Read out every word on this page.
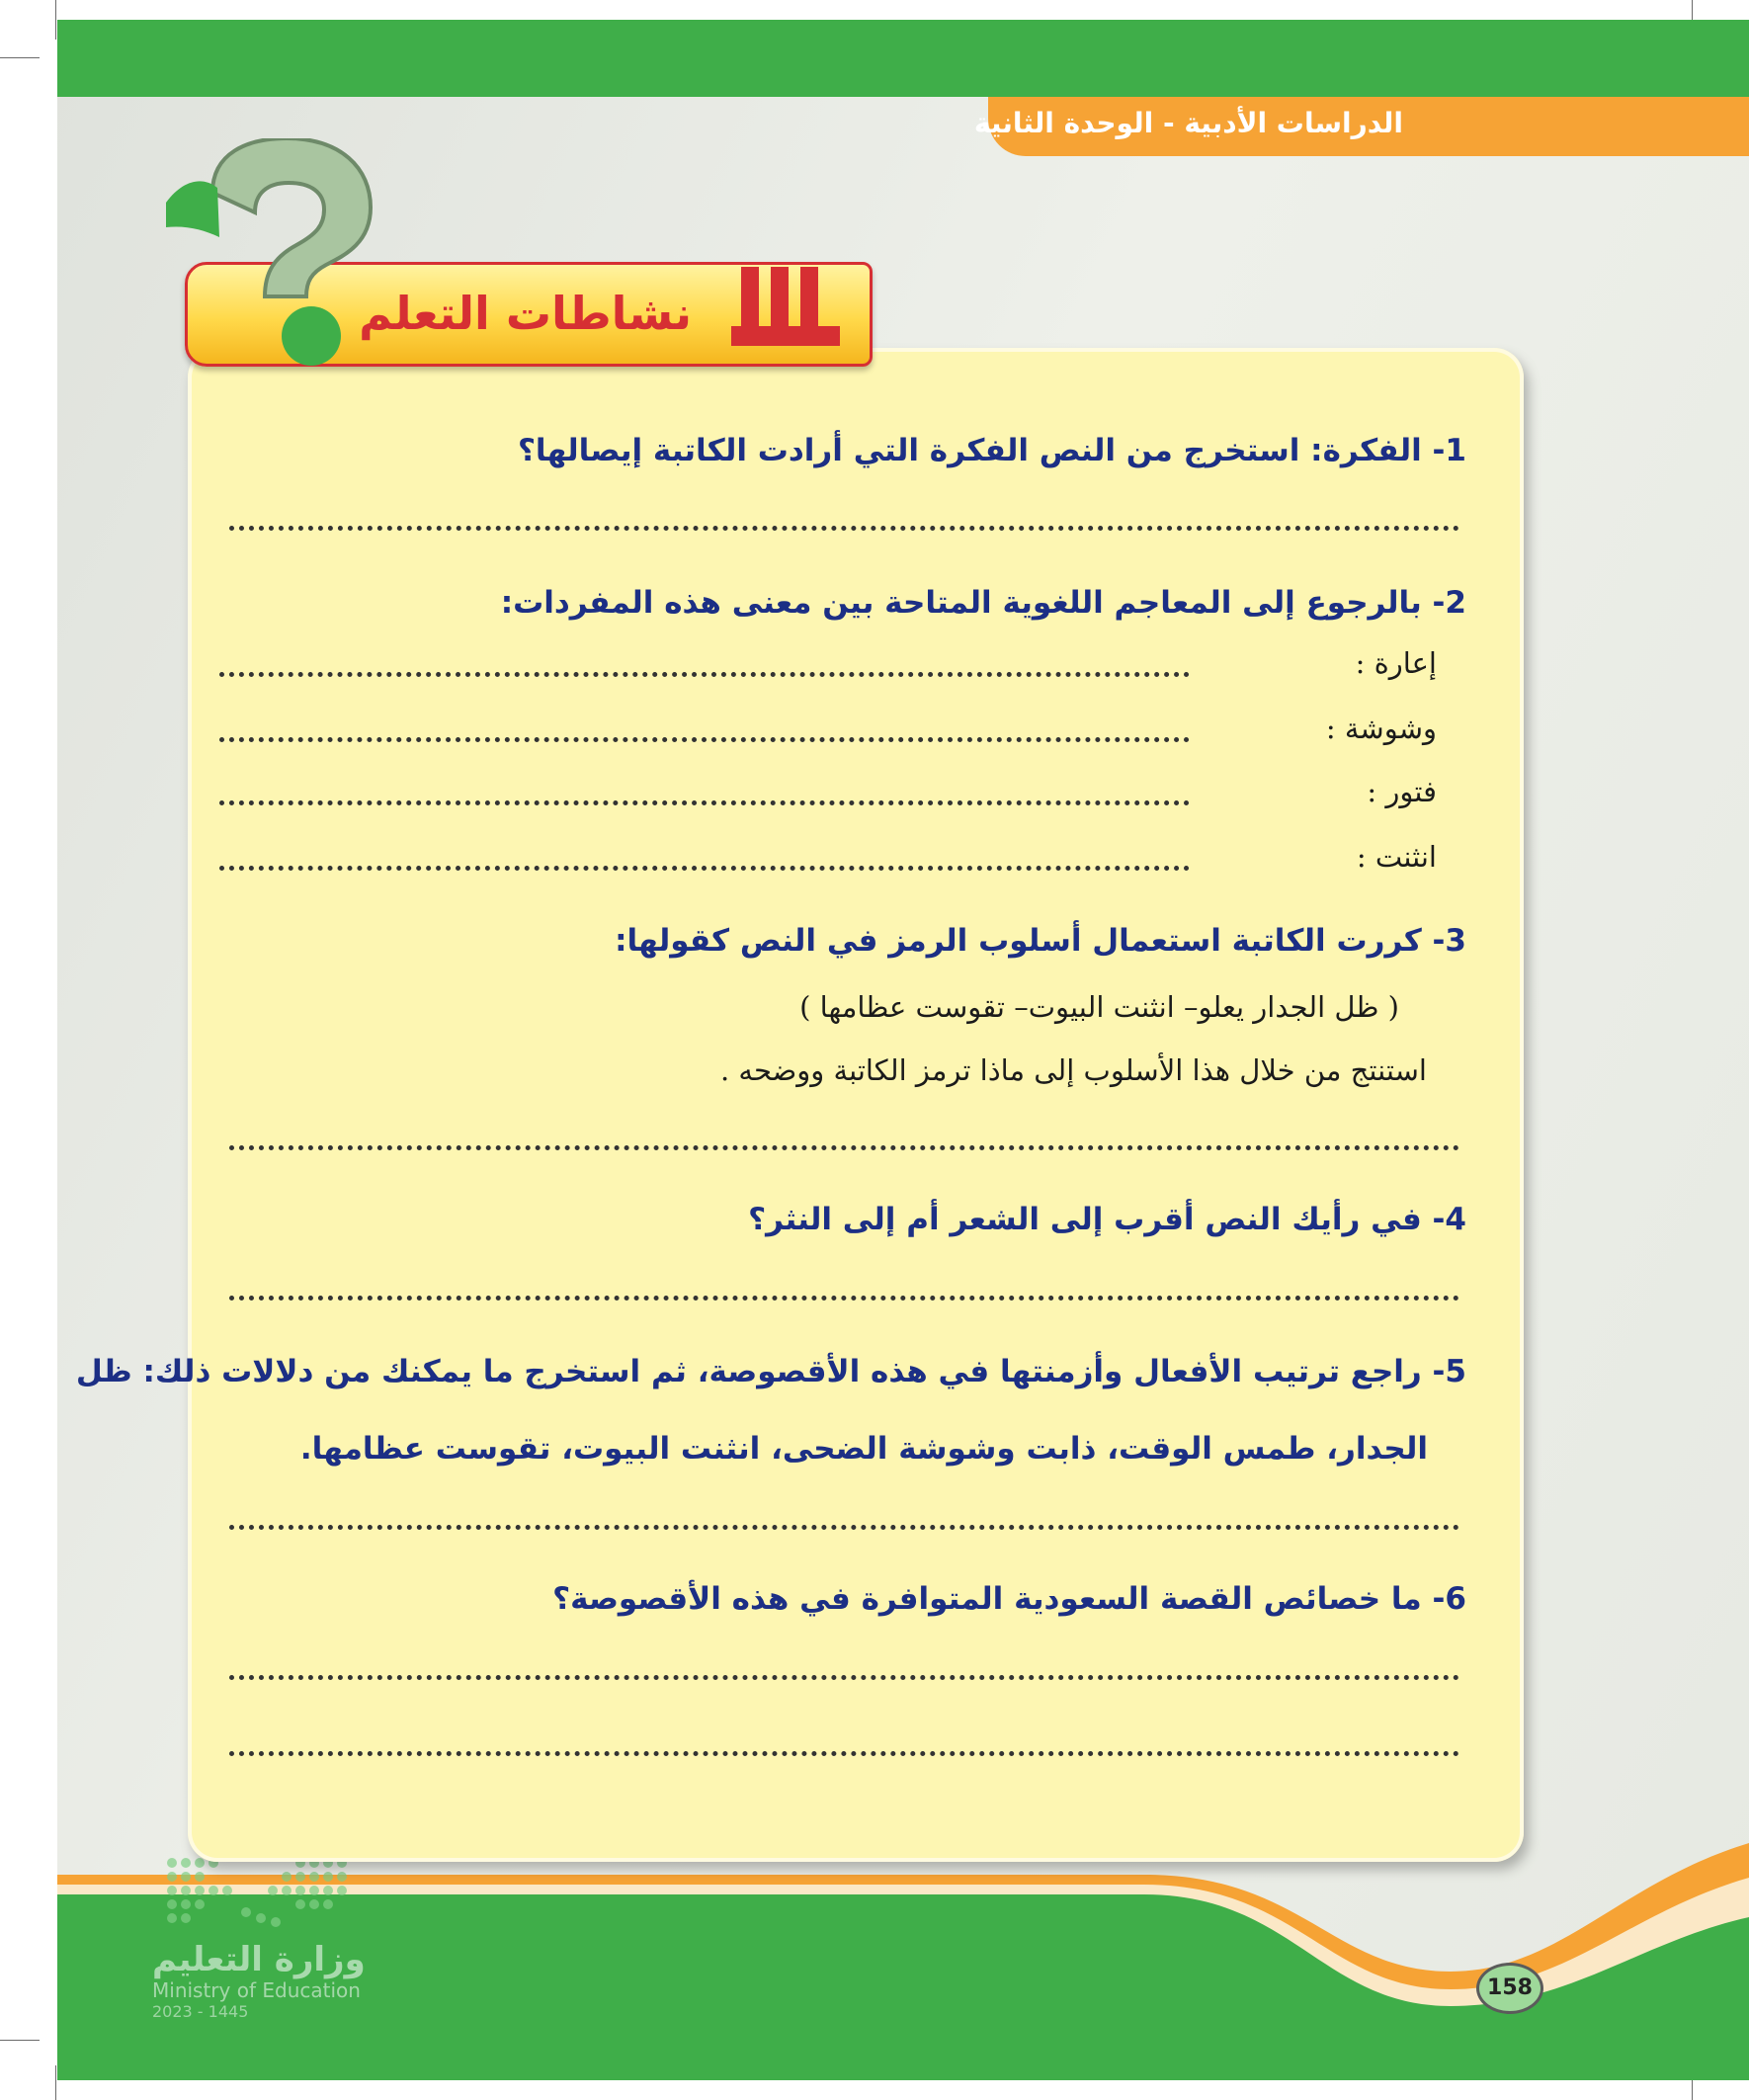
الدراسات الأدبية - الوحدة الثانية
وزارة التعليم
Ministry of Education
2023 - 1445
158
نشاطات التعلم
1- الفكرة: استخرج من النص الفكرة التي أرادت الكاتبة إيصالها؟
2- بالرجوع إلى المعاجم اللغوية المتاحة بين معنى هذه المفردات:
إعارة :
وشوشة :
فتور :
انثنت :
3- كررت الكاتبة استعمال أسلوب الرمز في النص كقولها:
( ظل الجدار يعلو– انثنت البيوت– تقوست عظامها )
استنتج من خلال هذا الأسلوب إلى ماذا ترمز الكاتبة ووضحه .
4- في رأيك النص أقرب إلى الشعر أم إلى النثر؟
5- راجع ترتيب الأفعال وأزمنتها في هذه الأقصوصة، ثم استخرج ما يمكنك من دلالات ذلك: ظل
الجدار، طمس الوقت، ذابت وشوشة الضحى، انثنت البيوت، تقوست عظامها.
6- ما خصائص القصة السعودية المتوافرة في هذه الأقصوصة؟
